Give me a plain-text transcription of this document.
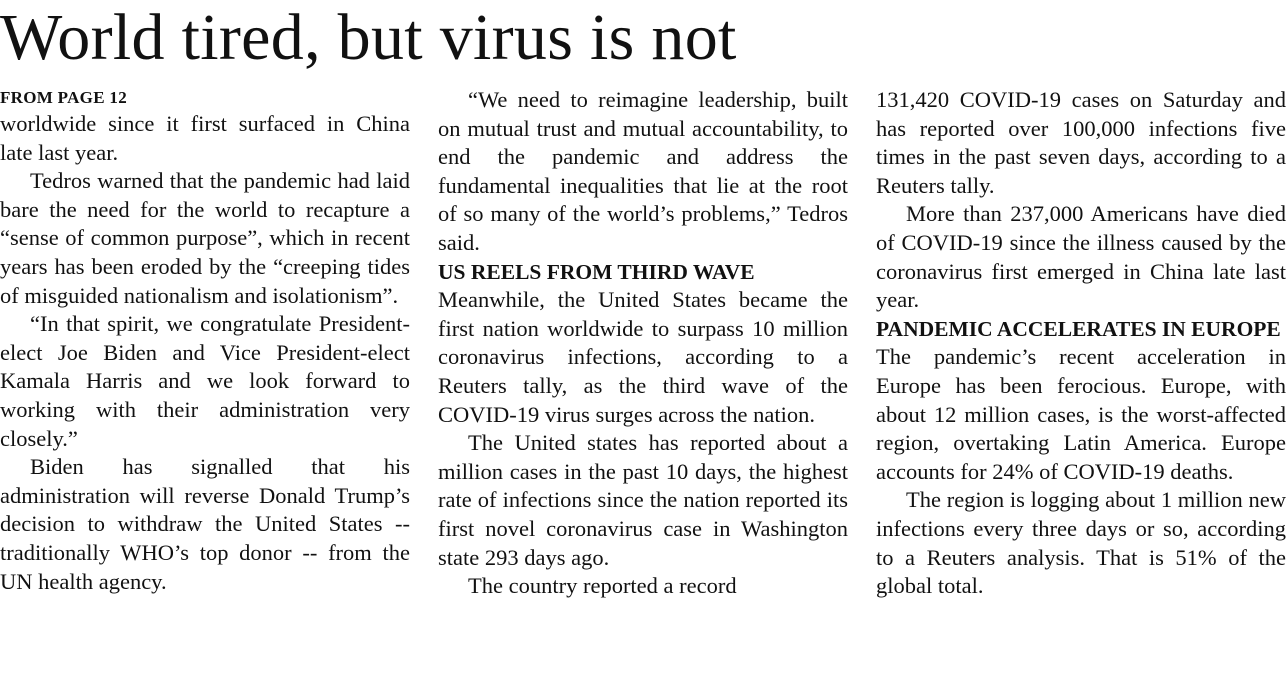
World tired, but virus is not
FROM PAGE 12

worldwide since it first surfaced in China late last year.

Tedros warned that the pandemic had laid bare the need for the world to recapture a “sense of common purpose”, which in recent years has been eroded by the “creeping tides of misguided nationalism and isolationism”.

“In that spirit, we congratulate President-elect Joe Biden and Vice President-elect Kamala Harris and we look forward to working with their administration very closely.”

Biden has signalled that his administration will reverse Donald Trump’s decision to withdraw the United States -- traditionally WHO’s top donor -- from the UN health agency.

“We need to reimagine leadership, built on mutual trust and mutual accountability, to end the pandemic and address the fundamental inequalities that lie at the root of so many of the world’s problems,” Tedros said.

US REELS FROM THIRD WAVE

Meanwhile, the United States became the first nation worldwide to surpass 10 million coronavirus infections, according to a Reuters tally, as the third wave of the COVID-19 virus surges across the nation.

The United states has reported about a million cases in the past 10 days, the highest rate of infections since the nation reported its first novel coronavirus case in Washington state 293 days ago.

The country reported a record

131,420 COVID-19 cases on Saturday and has reported over 100,000 infections five times in the past seven days, according to a Reuters tally.

More than 237,000 Americans have died of COVID-19 since the illness caused by the coronavirus first emerged in China late last year.

PANDEMIC ACCELERATES IN EUROPE

The pandemic’s recent acceleration in Europe has been ferocious. Europe, with about 12 million cases, is the worst-affected region, overtaking Latin America. Europe accounts for 24% of COVID-19 deaths.

The region is logging about 1 million new infections every three days or so, according to a Reuters analysis. That is 51% of the global total.
